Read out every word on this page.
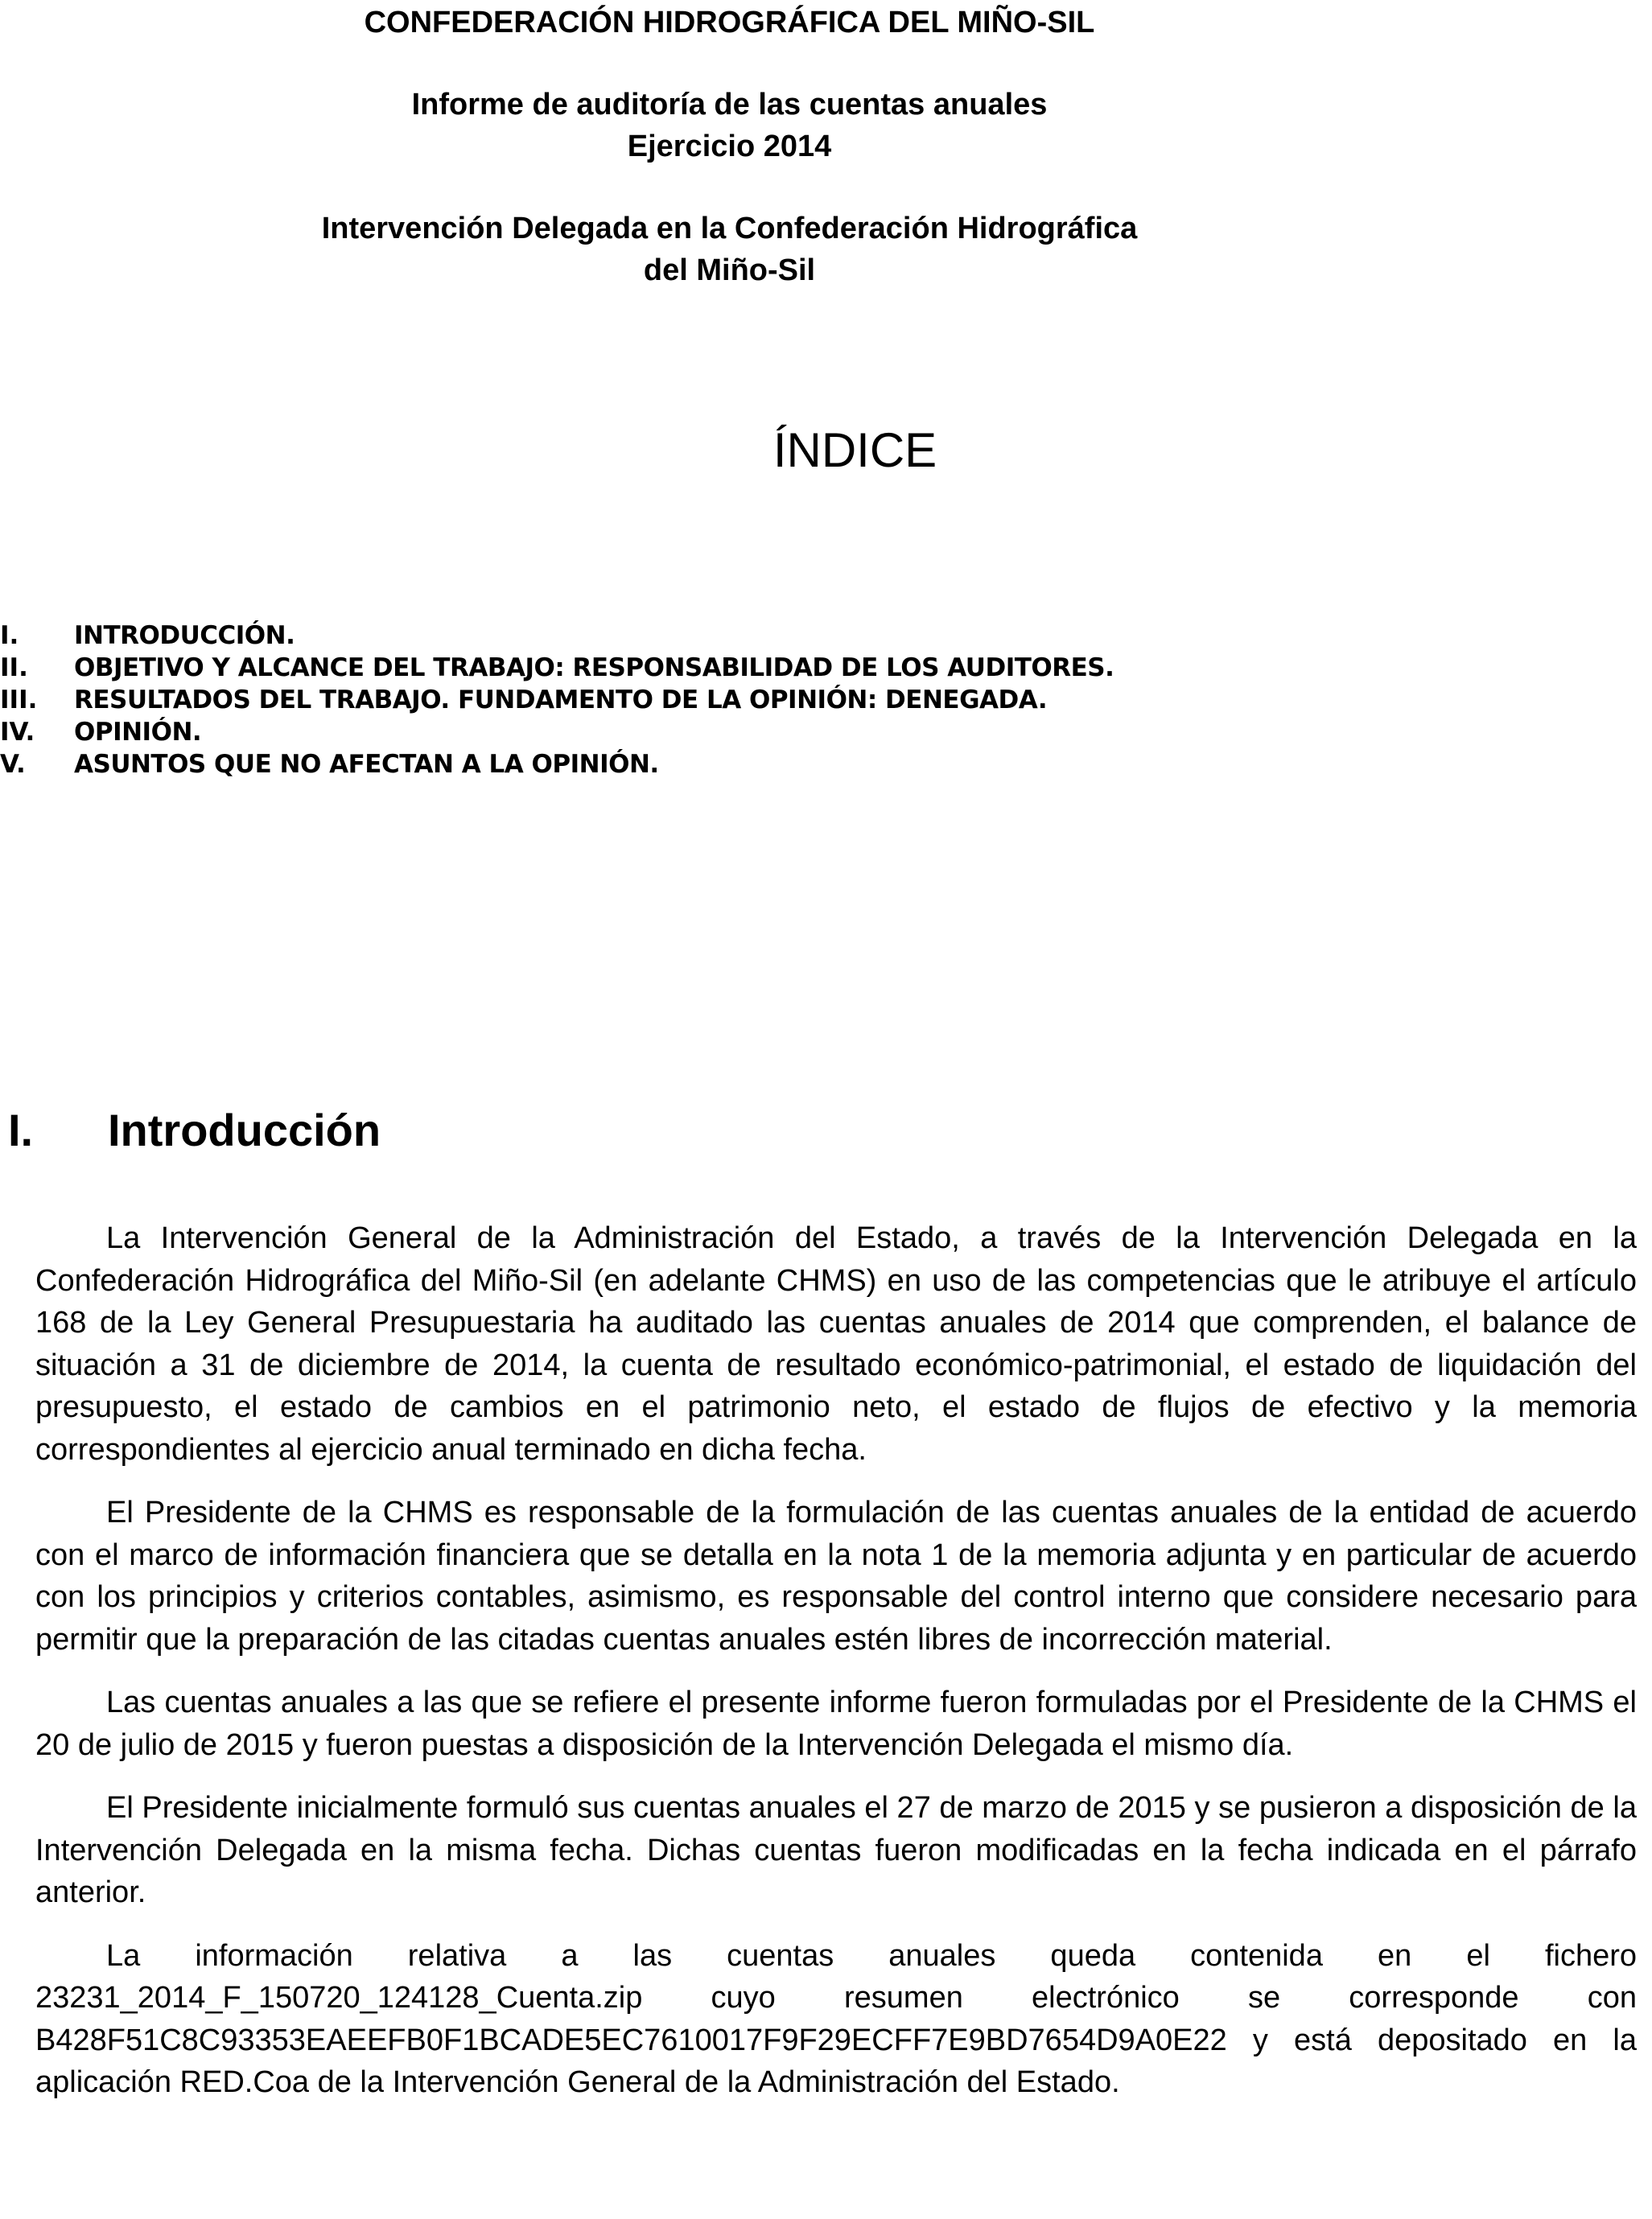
CONFEDERACIÓN HIDROGRÁFICA DEL MIÑO-SIL
Informe de auditoría de las cuentas anuales
Ejercicio 2014
Intervención Delegada en la Confederación Hidrográfica
del Miño-Sil
ÍNDICE
I. INTRODUCCIÓN.
II. OBJETIVO Y ALCANCE DEL TRABAJO: RESPONSABILIDAD DE LOS AUDITORES.
III. RESULTADOS DEL TRABAJO. FUNDAMENTO DE LA OPINIÓN: DENEGADA.
IV. OPINIÓN.
V. ASUNTOS QUE NO AFECTAN A LA OPINIÓN.
I. Introducción

La Intervención General de la Administración del Estado, a través de la Intervención Delegada en la Confederación Hidrográfica del Miño-Sil (en adelante CHMS) en uso de las competencias que le atribuye el artículo 168 de la Ley General Presupuestaria ha auditado las cuentas anuales de 2014 que comprenden, el balance de situación a 31 de diciembre de 2014, la cuenta de resultado económico-patrimonial, el estado de liquidación del presupuesto, el estado de cambios en el patrimonio neto, el estado de flujos de efectivo y la memoria correspondientes al ejercicio anual terminado en dicha fecha.

El Presidente de la CHMS es responsable de la formulación de las cuentas anuales de la entidad de acuerdo con el marco de información financiera que se detalla en la nota 1 de la memoria adjunta y en particular de acuerdo con los principios y criterios contables, asimismo, es responsable del control interno que considere necesario para permitir que la preparación de las citadas cuentas anuales estén libres de incorrección material.

Las cuentas anuales a las que se refiere el presente informe fueron formuladas por el Presidente de la CHMS el 20 de julio de 2015 y fueron puestas a disposición de la Intervención Delegada el mismo día.

El Presidente inicialmente formuló sus cuentas anuales el 27 de marzo de 2015 y se pusieron a disposición de la Intervención Delegada en la misma fecha. Dichas cuentas fueron modificadas en la fecha indicada en el párrafo anterior.

La información relativa a las cuentas anuales queda contenida en el fichero 23231_2014_F_150720_124128_Cuenta.zip cuyo resumen electrónico se corresponde con B428F51C8C93353EAEEFB0F1BCADE5EC7610017F9F29ECFF7E9BD7654D9A0E22 y está depositado en la aplicación RED.Coa de la Intervención General de la Administración del Estado.
